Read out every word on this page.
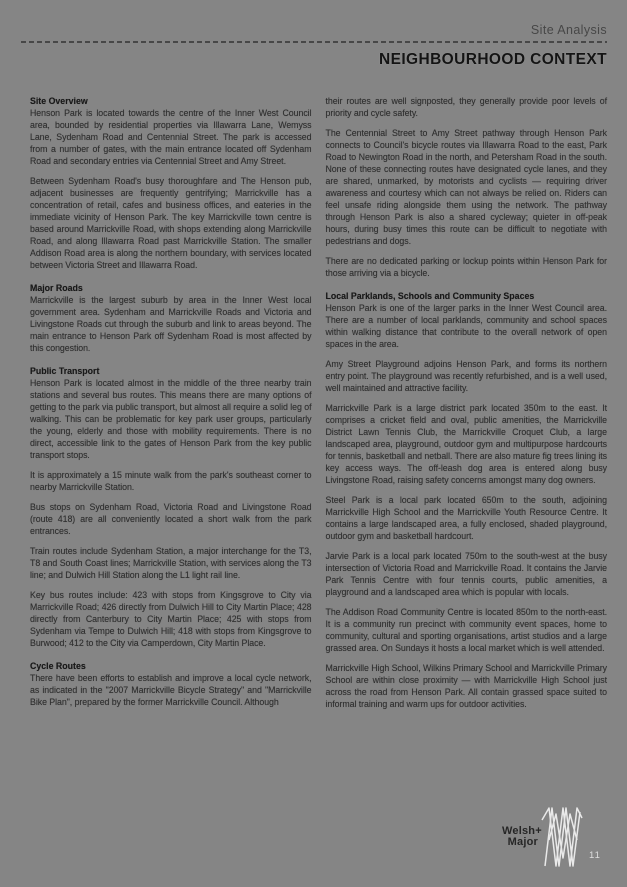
Site Analysis
NEIGHBOURHOOD CONTEXT
Site Overview

Henson Park is located towards the centre of the Inner West Council area, bounded by residential properties via Illawarra Lane, Wemyss Lane, Sydenham Road and Centennial Street. The park is accessed from a number of gates, with the main entrance located off Sydenham Road and secondary entries via Centennial Street and Amy Street.

Between Sydenham Road's busy thoroughfare and The Henson pub, adjacent businesses are frequently gentrifying; Marrickville has a concentration of retail, cafes and business offices, and eateries in the immediate vicinity of Henson Park. The key Marrickville town centre is based around Marrickville Road, with shops extending along Marrickville Road, and along Illawarra Road past Marrickville Station. The smaller Addison Road area is along the northern boundary, with services located between Victoria Street and Illawarra Road.

Major Roads

Marrickville is the largest suburb by area in the Inner West local government area. Sydenham and Marrickville Roads and Victoria and Livingstone Roads cut through the suburb and link to areas beyond. The main entrance to Henson Park off Sydenham Road is most affected by this congestion.

Public Transport

Henson Park is located almost in the middle of the three nearby train stations and several bus routes. This means there are many options of getting to the park via public transport, but almost all require a solid leg of walking. This can be problematic for key park user groups, particularly the young, elderly and those with mobility requirements. There is no direct, accessible link to the gates of Henson Park from the key public transport stops.

It is approximately a 15 minute walk from the park's southeast corner to nearby Marrickville Station.

Bus stops on Sydenham Road, Victoria Road and Livingstone Road (route 418) are all conveniently located a short walk from the park entrances.

Train routes include Sydenham Station, a major interchange for the T3, T8 and South Coast lines; Marrickville Station, with services along the T3 line; and Dulwich Hill Station along the L1 light rail line.

Key bus routes include: 423 with stops from Kingsgrove to City via Marrickville Road; 426 directly from Dulwich Hill to City Martin Place; 428 directly from Canterbury to City Martin Place; 425 with stops from Sydenham via Tempe to Dulwich Hill; 418 with stops from Kingsgrove to Burwood; 412 to the City via Camperdown, City Martin Place.

Cycle Routes

There have been efforts to establish and improve a local cycle network, as indicated in the "2007 Marrickville Bicycle Strategy" and "Marrickville Bike Plan", prepared by the former Marrickville Council. Although

their routes are well signposted, they generally provide poor levels of priority and cycle safety.

The Centennial Street to Amy Street pathway through Henson Park connects to Council's bicycle routes via Illawarra Road to the east, Park Road to Newington Road in the north, and Petersham Road in the south. None of these connecting routes have designated cycle lanes, and they are shared, unmarked, by motorists and cyclists — requiring driver awareness and courtesy which can not always be relied on. Riders can feel unsafe riding alongside them using the network. The pathway through Henson Park is also a shared cycleway; quieter in off-peak hours, during busy times this route can be difficult to negotiate with pedestrians and dogs.

There are no dedicated parking or lockup points within Henson Park for those arriving via a bicycle.

Local Parklands, Schools and Community Spaces

Henson Park is one of the larger parks in the Inner West Council area. There are a number of local parklands, community and school spaces within walking distance that contribute to the overall network of open spaces in the area.

Amy Street Playground adjoins Henson Park, and forms its northern entry point. The playground was recently refurbished, and is a well used, well maintained and attractive facility.

Marrickville Park is a large district park located 350m to the east. It comprises a cricket field and oval, public amenities, the Marrickville District Lawn Tennis Club, the Marrickville Croquet Club, a large landscaped area, playground, outdoor gym and multipurpose hardcourts for tennis, basketball and netball. There are also mature fig trees lining its key access ways. The off-leash dog area is entered along busy Livingstone Road, raising safety concerns amongst many dog owners.

Steel Park is a local park located 650m to the south, adjoining Marrickville High School and the Marrickville Youth Resource Centre. It contains a large landscaped area, a fully enclosed, shaded playground, outdoor gym and basketball hardcourt.

Jarvie Park is a local park located 750m to the south-west at the busy intersection of Victoria Road and Marrickville Road. It contains the Jarvie Park Tennis Centre with four tennis courts, public amenities, a playground and a landscaped area which is popular with locals.

The Addison Road Community Centre is located 850m to the north-east. It is a community run precinct with community event spaces, home to community, cultural and sporting organisations, artist studios and a large grassed area. On Sundays it hosts a local market which is well attended.

Marrickville High School, Wilkins Primary School and Marrickville Primary School are within close proximity — with Marrickville High School just across the road from Henson Park. All contain grassed space suited to informal training and warm ups for outdoor activities.

Welsh+
Major
11
